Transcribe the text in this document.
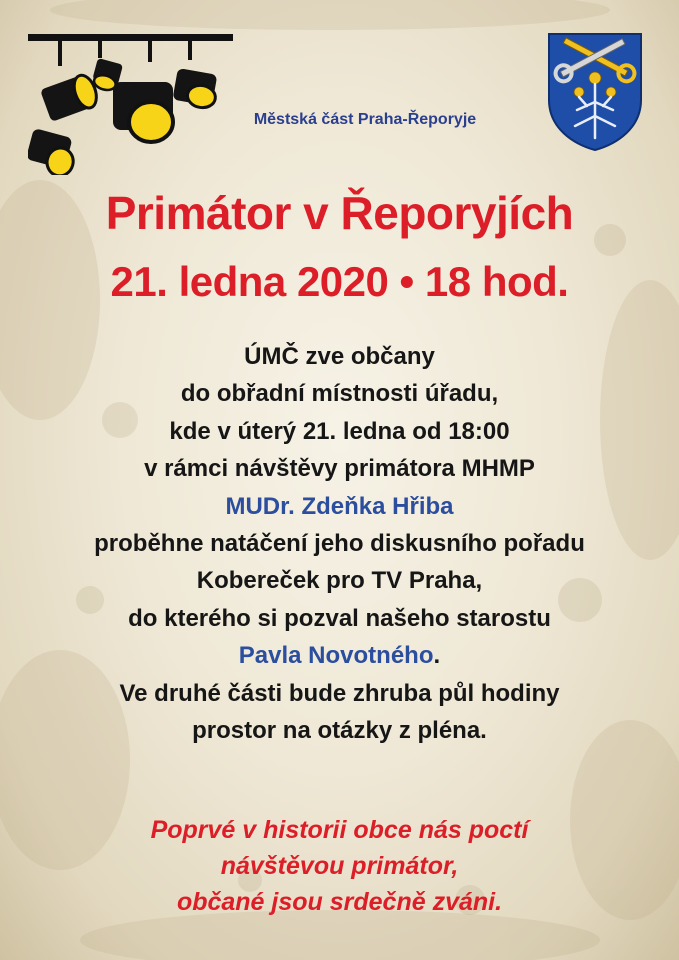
Městská část Praha-Řeporyje
Primátor v Řeporyjích
21. ledna 2020 • 18 hod.
ÚMČ zve občany
do obřadní místnosti úřadu,
kde v úterý 21. ledna od 18:00
v rámci návštěvy primátora MHMP
MUDr. Zdeňka Hřiba
proběhne natáčení jeho diskusního pořadu
Kobereček pro TV Praha,
do kterého si pozval našeho starostu
Pavla Novotného.
Ve druhé části bude zhruba půl hodiny
prostor na otázky z pléna.
Poprvé v historii obce nás poctí
návštěvou primátor,
občané jsou srdečně zváni.
